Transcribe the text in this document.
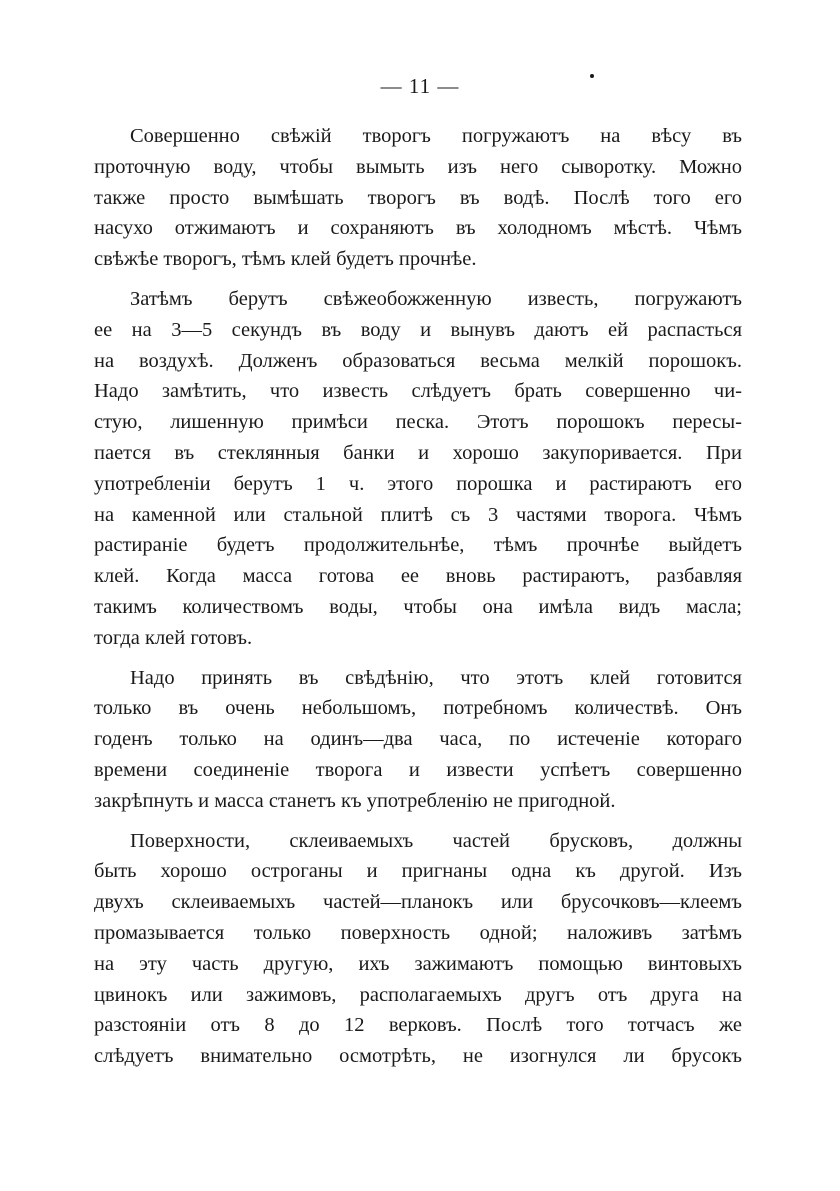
— 11 —
Совершенно свѣжій творогъ погружаютъ на вѣсу въ
проточную воду, чтобы вымыть изъ него сыворотку. Можно
также просто вымѣшать творогъ въ водѣ. Послѣ того его
насухо отжимаютъ и сохраняютъ въ холодномъ мѣстѣ. Чѣмъ
свѣжѣе творогъ, тѣмъ клей будетъ прочнѣе.
Затѣмъ берутъ свѣжеобожженную известь, погружаютъ
ее на 3—5 секундъ въ воду и вынувъ даютъ ей распасться
на воздухѣ. Долженъ образоваться весьма мелкій порошокъ.
Надо замѣтить, что известь слѣдуетъ брать совершенно чи-
стую, лишенную примѣси песка. Этотъ порошокъ пересы-
пается въ стеклянныя банки и хорошо закупоривается. При
употребленіи берутъ 1 ч. этого порошка и растираютъ его
на каменной или стальной плитѣ съ 3 частями творога. Чѣмъ
растираніе будетъ продолжительнѣе, тѣмъ прочнѣе выйдетъ
клей. Когда масса готова ее вновь растираютъ, разбавляя
такимъ количествомъ воды, чтобы она имѣла видъ масла;
тогда клей готовъ.
Надо принять въ свѣдѣнію, что этотъ клей готовится
только въ очень небольшомъ, потребномъ количествѣ. Онъ
годенъ только на одинъ—два часа, по истеченіе котораго
времени соединеніе творога и извести успѣетъ совершенно
закрѣпнуть и масса станетъ къ употребленію не пригодной.
Поверхности, склеиваемыхъ частей брусковъ, должны
быть хорошо остроганы и пригнаны одна къ другой. Изъ
двухъ склеиваемыхъ частей—планокъ или брусочковъ—клеемъ
промазывается только поверхность одной; наложивъ затѣмъ
на эту часть другую, ихъ зажимаютъ помощью винтовыхъ
цвинокъ или зажимовъ, располагаемыхъ другъ отъ друга на
разстояніи отъ 8 до 12 верковъ. Послѣ того тотчасъ же
слѣдуетъ внимательно осмотрѣть, не изогнулся ли брусокъ
